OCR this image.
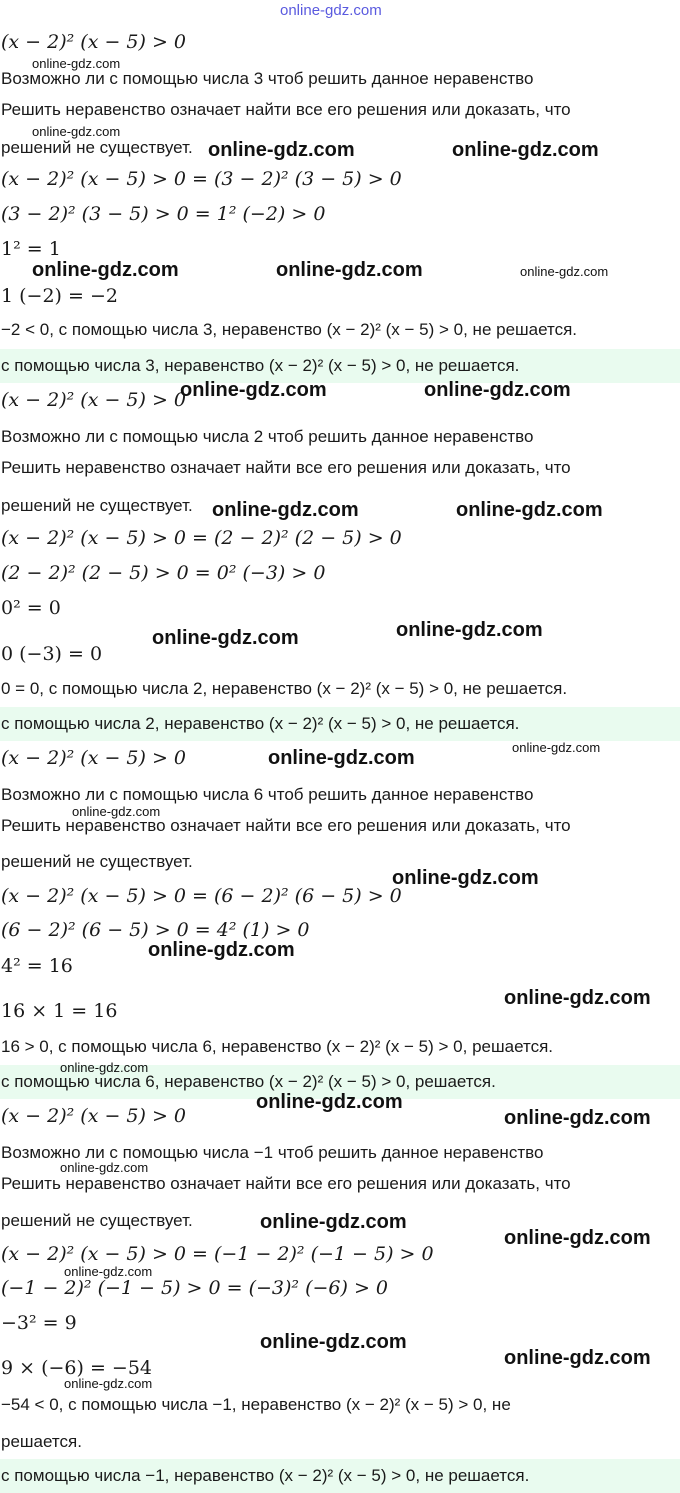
online-gdz.com
(x − 2)² (x − 5) > 0
Возможно ли с помощью числа 3 чтоб решить данное неравенство
Решить неравенство означает найти все его решения или доказать, что
решений не существует.
(x − 2)² (x − 5) > 0 = (3 − 2)² (3 − 5) > 0
(3 − 2)² (3 − 5) > 0 = 1² (−2) > 0
1² = 1
1 (−2) = −2
−2 < 0, с помощью числа 3, неравенство (x − 2)² (x − 5) > 0, не решается.
с помощью числа 3, неравенство (x − 2)² (x − 5) > 0, не решается.
(x − 2)² (x − 5) > 0
Возможно ли с помощью числа 2 чтоб решить данное неравенство
Решить неравенство означает найти все его решения или доказать, что
решений не существует.
(x − 2)² (x − 5) > 0 = (2 − 2)² (2 − 5) > 0
(2 − 2)² (2 − 5) > 0 = 0² (−3) > 0
0² = 0
0 (−3) = 0
0 = 0, с помощью числа 2, неравенство (x − 2)² (x − 5) > 0, не решается.
с помощью числа 2, неравенство (x − 2)² (x − 5) > 0, не решается.
(x − 2)² (x − 5) > 0
Возможно ли с помощью числа 6 чтоб решить данное неравенство
Решить неравенство означает найти все его решения или доказать, что
решений не существует.
(x − 2)² (x − 5) > 0 = (6 − 2)² (6 − 5) > 0
(6 − 2)² (6 − 5) > 0 = 4² (1) > 0
4² = 16
16 × 1 = 16
16 > 0, с помощью числа 6, неравенство (x − 2)² (x − 5) > 0, решается.
с помощью числа 6, неравенство (x − 2)² (x − 5) > 0, решается.
(x − 2)² (x − 5) > 0
Возможно ли с помощью числа −1 чтоб решить данное неравенство
Решить неравенство означает найти все его решения или доказать, что
решений не существует.
(x − 2)² (x − 5) > 0 = (−1 − 2)² (−1 − 5) > 0
(−1 − 2)² (−1 − 5) > 0 = (−3)² (−6) > 0
−3² = 9
9 × (−6) = −54
−54 < 0, с помощью числа −1, неравенство (x − 2)² (x − 5) > 0, не
решается.
с помощью числа −1, неравенство (x − 2)² (x − 5) > 0, не решается.
online-gdz.com
online-gdz.com
online-gdz.com	online-gdz.com
online-gdz.com	online-gdz.com	online-gdz.com
online-gdz.com	online-gdz.com
online-gdz.com	online-gdz.com
online-gdz.com
online-gdz.com
online-gdz.com
online-gdz.com
online-gdz.com
online-gdz.com
online-gdz.com
online-gdz.com
online-gdz.com
online-gdz.com
online-gdz.com
online-gdz.com
online-gdz.com
online-gdz.com
online-gdz.com
online-gdz.com
online-gdz.com
online-gdz.com
